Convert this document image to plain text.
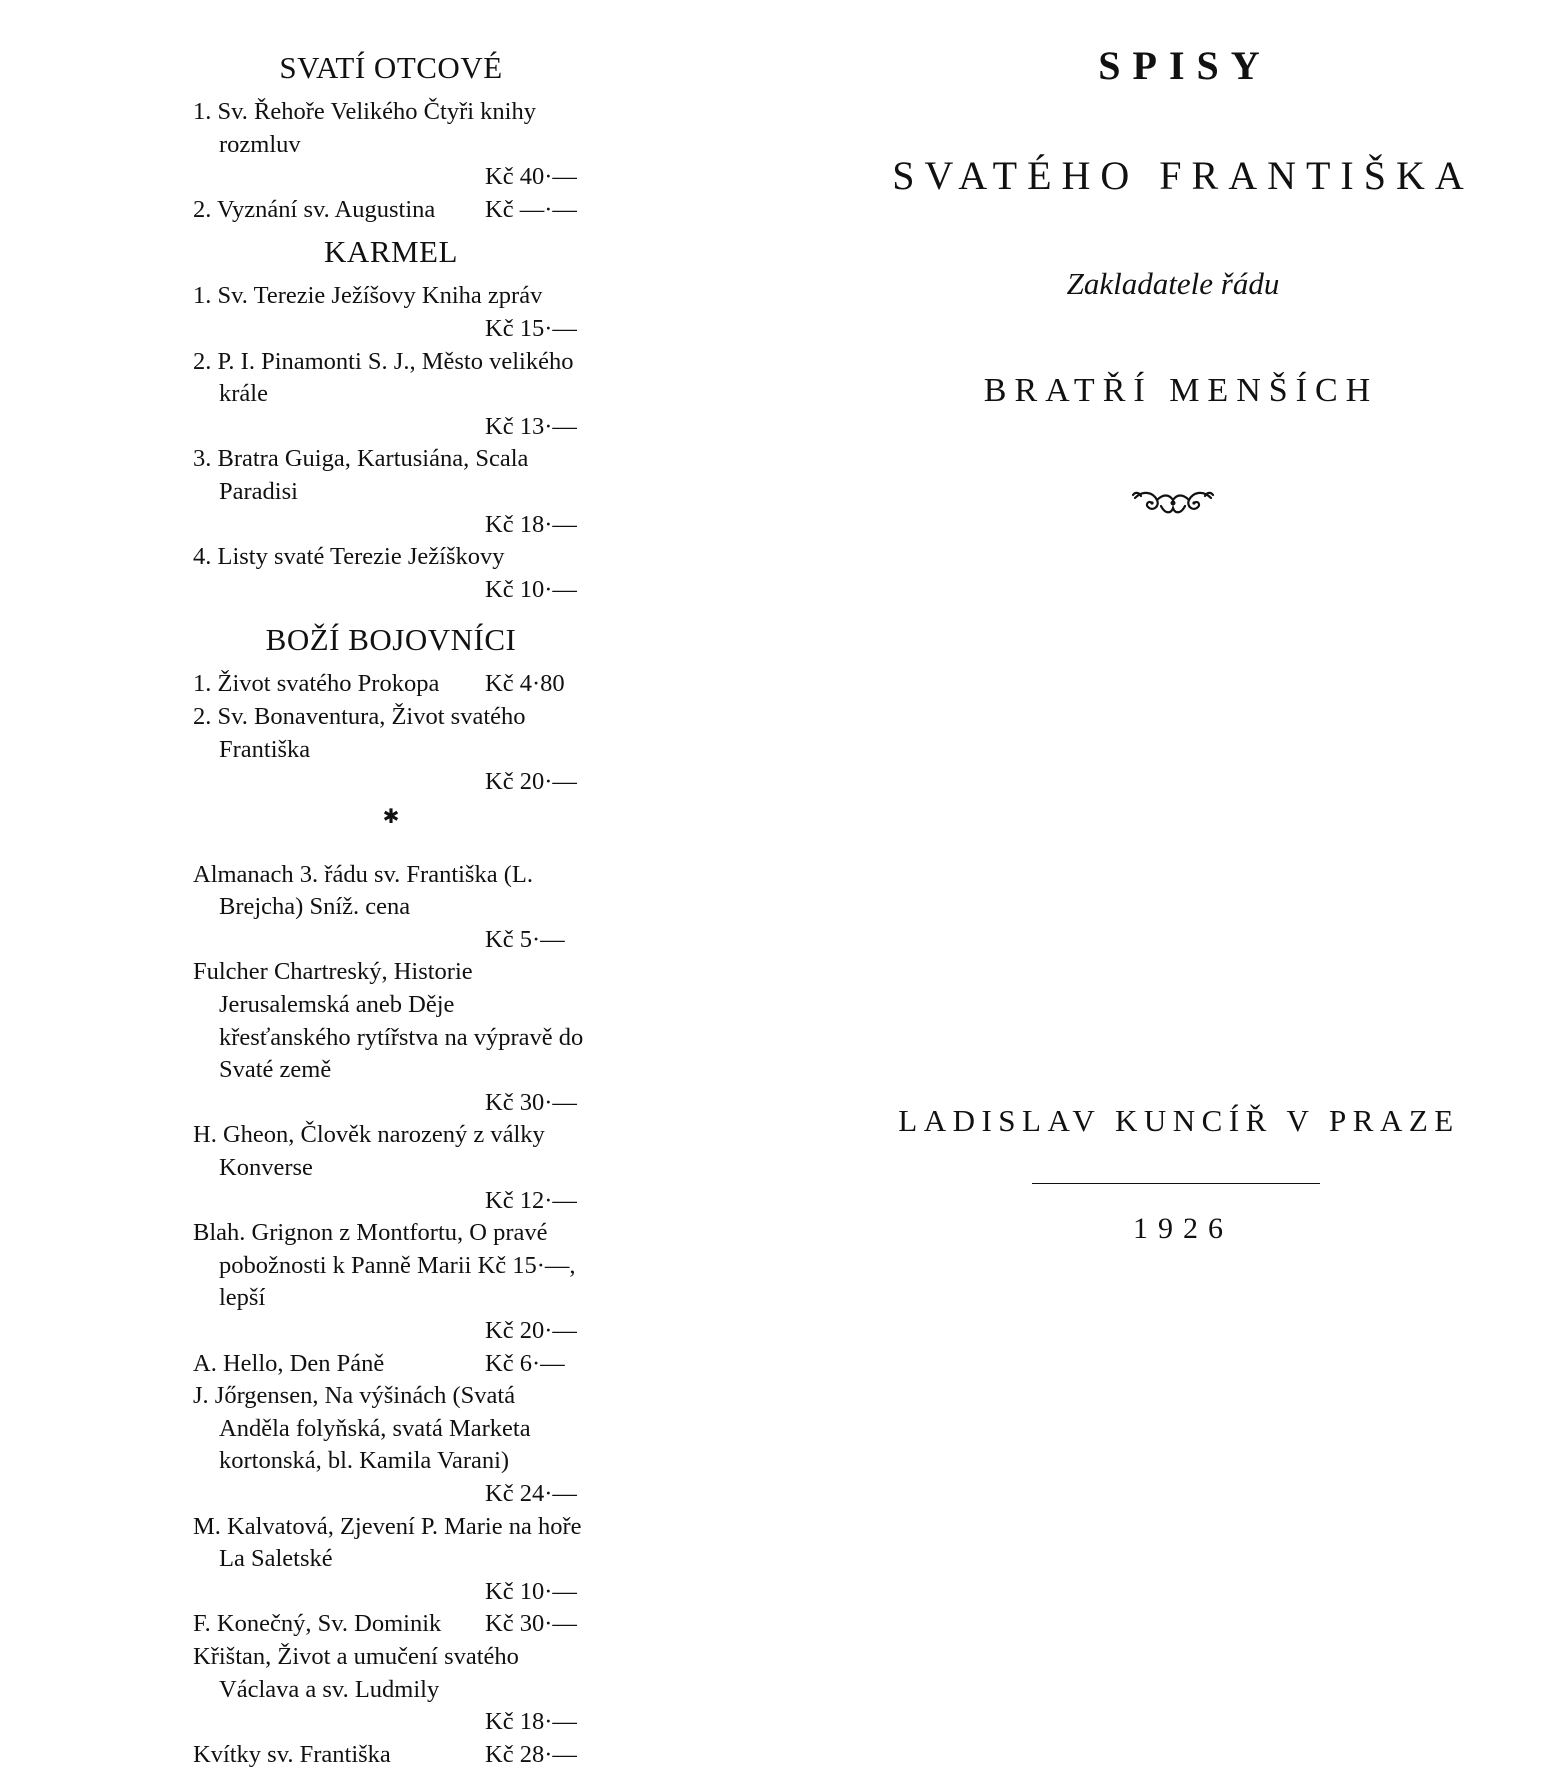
SVATÍ OTCOVÉ
1. Sv. Řehoře Velikého Čtyři knihy rozmluv
Kč 40·—
2. Vyznání sv. Augustina	Kč —·—
KARMEL
1. Sv. Terezie Ježíšovy Kniha zpráv
Kč 15·—
2. P. I. Pinamonti S. J., Město velikého krále
Kč 13·—
3. Bratra Guiga, Kartusiána, Scala Paradisi
Kč 18·—
4. Listy svaté Terezie Ježíškovy
Kč 10·—
BOŽÍ BOJOVNÍCI
1. Život svatého Prokopa	Kč 4·80
2. Sv. Bonaventura, Život svatého Františka
Kč 20·—
✱
Almanach 3. řádu sv. Františka (L. Brejcha) Sníž. cena
Kč 5·—
Fulcher Chartreský, Historie Jerusalemská aneb Děje křesťanského rytířstva na výpravě do Svaté země
Kč 30·—
H. Gheon, Člověk narozený z války Konverse
Kč 12·—
Blah. Grignon z Montfortu, O pravé pobožnosti k Panně Marii Kč 15·—, lepší
Kč 20·—
A. Hello, Den Páně	Kč 6·—
J. Jőrgensen, Na výšinách (Svatá Anděla folyňská, svatá Marketa kortonská, bl. Kamila Varani)
Kč 24·—
M. Kalvatová, Zjevení P. Marie na hoře La Saletské
Kč 10·—
F. Konečný, Sv. Dominik	Kč 30·—
Křištan, Život a umučení svatého Václava a sv. Ludmily
Kč 18·—
Kvítky sv. Františka	Kč 28·—
SPISY
SVATÉHO FRANTIŠKA
Zakladatele řádu
BRATŘÍ MENŠÍCH
LADISLAV KUNCÍŘ V PRAZE
1926
